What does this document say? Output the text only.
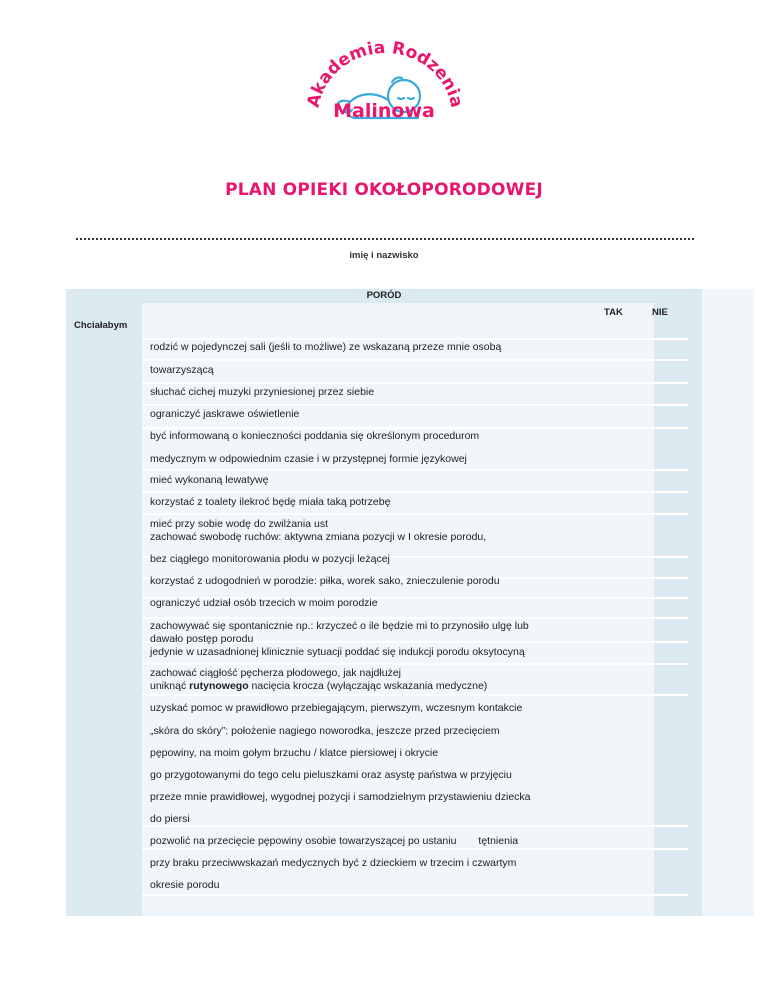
Akademia Rodzenia
Malinowa
PLAN OPIEKI OKOŁOPORODOWEJ
imię i nazwisko
PORÓD
TAK	NIE
Chciałabym
rodzić w pojedynczej sali (jeśli to możliwe) ze wskazaną przeze mnie osobą
towarzyszącą
słuchać cichej muzyki przyniesionej przez siebie
ograniczyć jaskrawe oświetlenie
być informowaną o konieczności poddania się określonym procedurom
medycznym w odpowiednim czasie i w przystępnej formie językowej
mieć wykonaną lewatywę
korzystać z toalety ilekroć będę miała taką potrzebę
mieć przy sobie wodę do zwilżania ust
zachować swobodę ruchów: aktywna zmiana pozycji w I okresie porodu,
bez ciągłego monitorowania płodu w pozycji leżącej
korzystać z udogodnień w porodzie: piłka, worek sako, znieczulenie porodu
ograniczyć udział osób trzecich w moim porodzie
zachowywać się spontanicznie np.: krzyczeć o ile będzie mi to przynosiło ulgę lub
dawało postęp porodu
jedynie w uzasadnionej klinicznie sytuacji poddać się indukcji porodu oksytocyną
zachować ciągłość pęcherza płodowego, jak najdłużej
uniknąć rutynowego nacięcia krocza (wyłączając wskazania medyczne)
uzyskać pomoc w prawidłowo przebiegającym, pierwszym, wczesnym kontakcie
„skóra do skóry”: położenie nagiego noworodka, jeszcze przed przecięciem
pępowiny, na moim gołym brzuchu / klatce piersiowej i okrycie
go przygotowanymi do tego celu pieluszkami oraz asystę państwa w przyjęciu
przeze mnie prawidłowej, wygodnej pozycji i samodzielnym przystawieniu dziecka
do piersi
pozwolić na przecięcie pępowiny osobie towarzyszącej po ustaniu tętnienia
przy braku przeciwwskazań medycznych być z dzieckiem w trzecim i czwartym
okresie porodu
